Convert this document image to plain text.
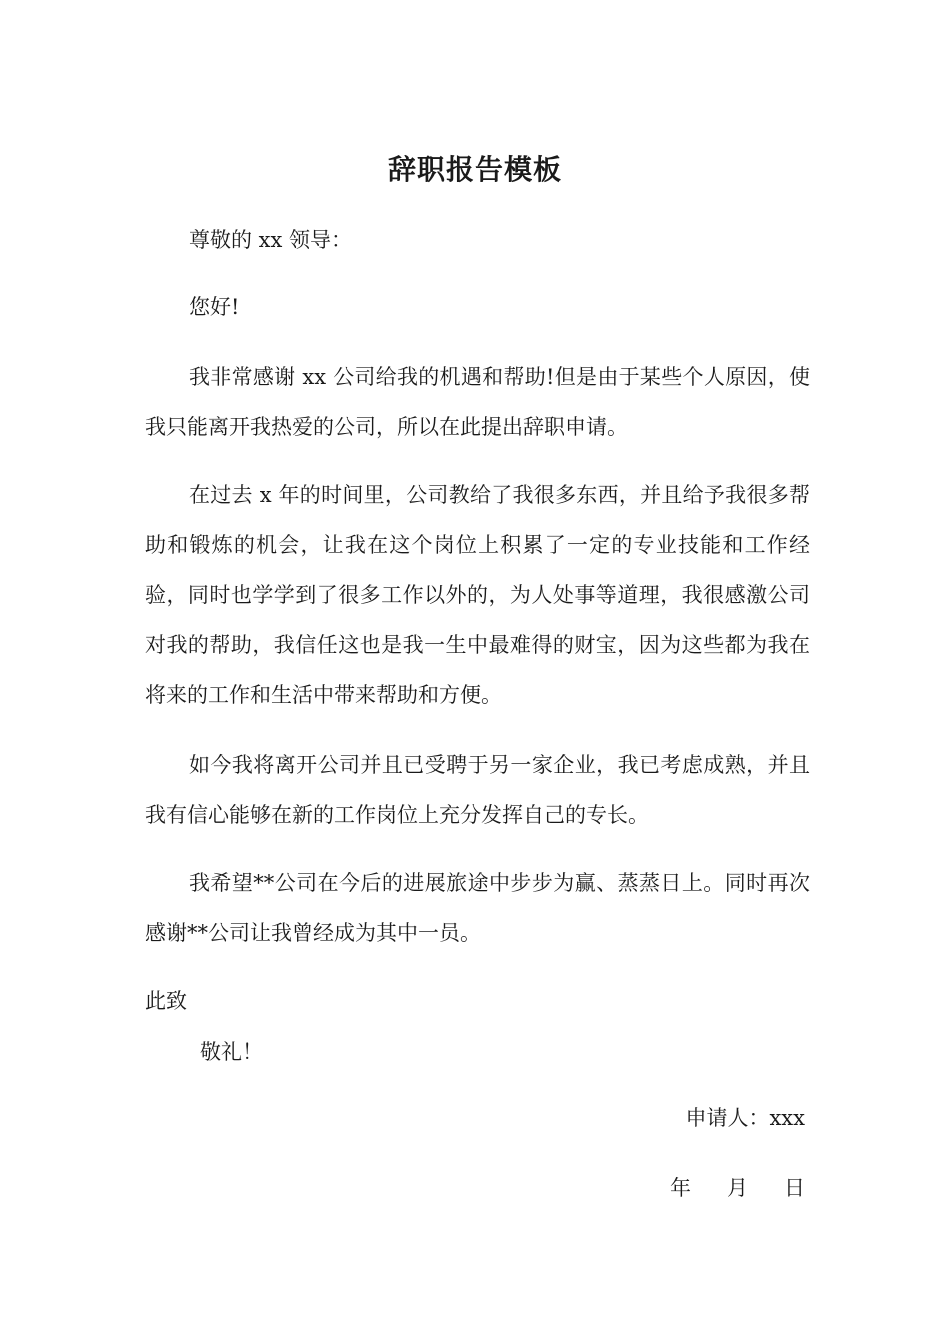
辞职报告模板

尊敬的 xx 领导：

您好!

我非常感谢 xx 公司给我的机遇和帮助!但是由于某些个人原因，使我只能离开我热爱的公司，所以在此提出辞职申请。

在过去 x 年的时间里，公司教给了我很多东西，并且给予我很多帮助和锻炼的机会，让我在这个岗位上积累了一定的专业技能和工作经验，同时也学学到了很多工作以外的，为人处事等道理，我很感激公司对我的帮助，我信任这也是我一生中最难得的财宝，因为这些都为我在将来的工作和生活中带来帮助和方便。

如今我将离开公司并且已受聘于另一家企业，我已考虑成熟，并且我有信心能够在新的工作岗位上充分发挥自己的专长。

我希望**公司在今后的进展旅途中步步为赢、蒸蒸日上。同时再次感谢**公司让我曾经成为其中一员。

此致

敬礼！
申请人：xxx
年 月 日
